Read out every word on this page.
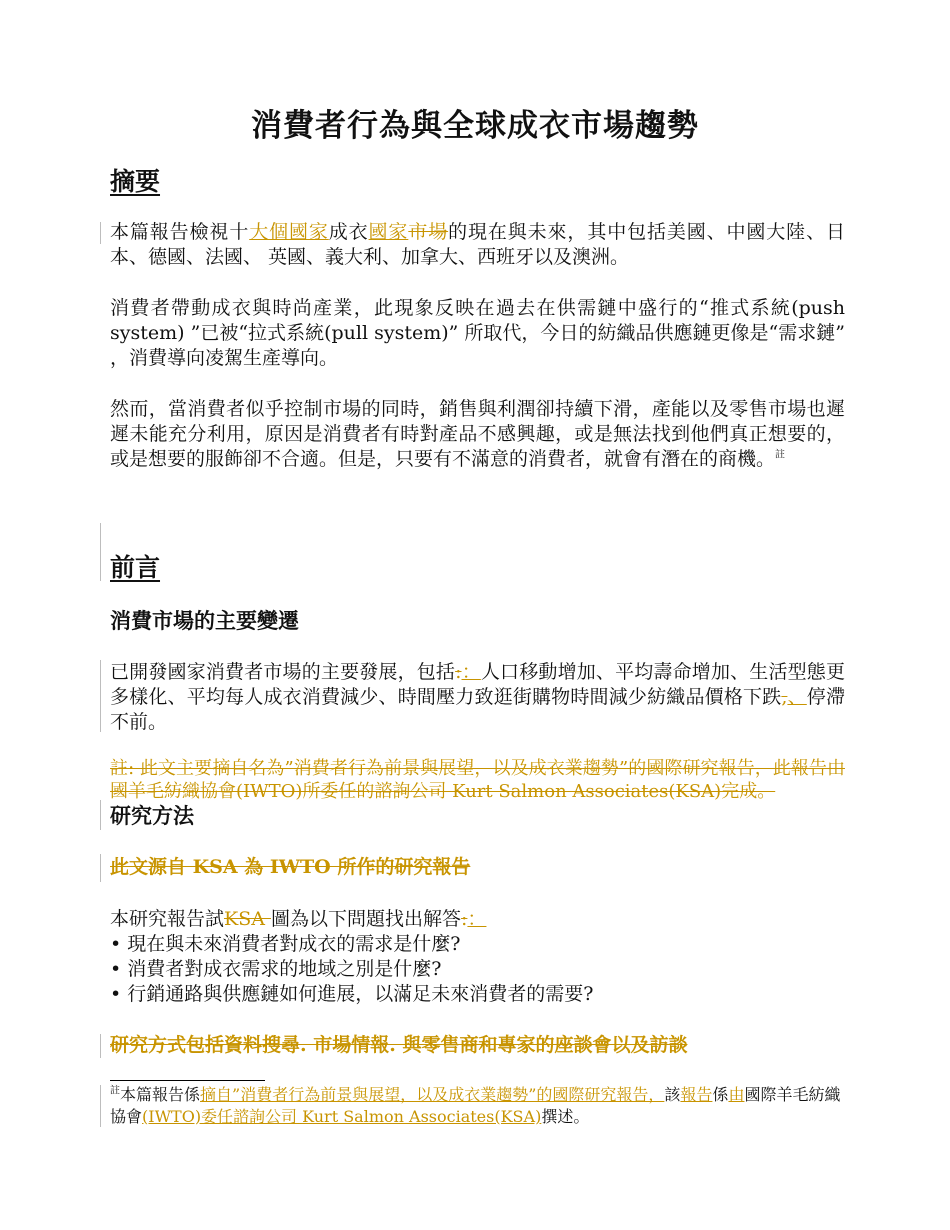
消費者行為與全球成衣市場趨勢
摘要
本篇報告檢視十大個國家成衣國家市場的現在與未來，其中包括美國、中國大陸、日本、德國、法國、 英國、義大利、加拿大、西班牙以及澳洲。
消費者帶動成衣與時尚產業，此現象反映在過去在供需鏈中盛行的“推式系統(push system) ”已被“拉式系統(pull system)” 所取代，今日的紡織品供應鏈更像是“需求鏈” ，消費導向凌駕生產導向。
然而，當消費者似乎控制市場的同時，銷售與利潤卻持續下滑，產能以及零售市場也遲遲未能充分利用，原因是消費者有時對產品不感興趣，或是無法找到他們真正想要的，或是想要的服飾卻不合適。但是，只要有不滿意的消費者，就會有潛在的商機。$^註$
前言
消費市場的主要變遷
已開發國家消費者市場的主要發展，包括:：人口移動增加、平均壽命增加、生活型態更多樣化、平均每人成衣消費減少、時間壓力致逛街購物時間減少紡織品價格下跌,、停滯不前。
註: 此文主要摘自名為”消費者行為前景與展望，以及成衣業趨勢”的國際研究報告，此報告由國羊毛紡織協會(IWTO)所委任的諮詢公司 Kurt Salmon Associates(KSA)完成。
研究方法
此文源自 KSA 為 IWTO 所作的研究報告
本研究報告試KSA 圖為以下問題找出解答:：
• 現在與未來消費者對成衣的需求是什麼?
• 消費者對成衣需求的地域之別是什麼?
• 行銷通路與供應鏈如何進展，以滿足未來消費者的需要?
研究方式包括資料搜尋. 市場情報. 與零售商和專家的座談會以及訪談
$^註$本篇報告係摘自”消費者行為前景與展望，以及成衣業趨勢”的國際研究報告，該報告係由國際羊毛紡織協會(IWTO)委任諮詢公司 Kurt Salmon Associates(KSA)撰述。
